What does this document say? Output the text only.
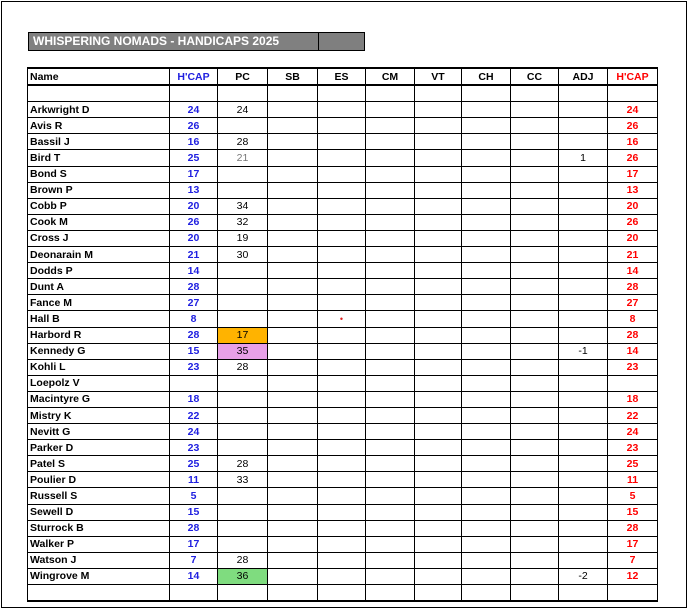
WHISPERING NOMADS - HANDICAPS 2025
Name	H'CAP	PC	SB	ES	CM	VT	CH	CC	ADJ	H'CAP

Arkwright D	24	24								24
Avis R	26									26
Bassil J	16	28								16
Bird T	25	21							1	26
Bond S	17									17
Brown P	13									13
Cobb P	20	34								20
Cook M	26	32								26
Cross J	20	19								20
Deonarain M	21	30								21
Dodds P	14									14
Dunt A	28									28
Fance M	27									27
Hall B	8			•						8
Harbord R	28	17								28
Kennedy G	15	35							-1	14
Kohli L	23	28								23
Loepolz V										
Macintyre G	18									18
Mistry K	22									22
Nevitt G	24									24
Parker D	23									23
Patel S	25	28								25
Poulier D	11	33								11
Russell S	5									5
Sewell D	15									15
Sturrock B	28									28
Walker P	17									17
Watson J	7	28								7
Wingrove M	14	36							-2	12
